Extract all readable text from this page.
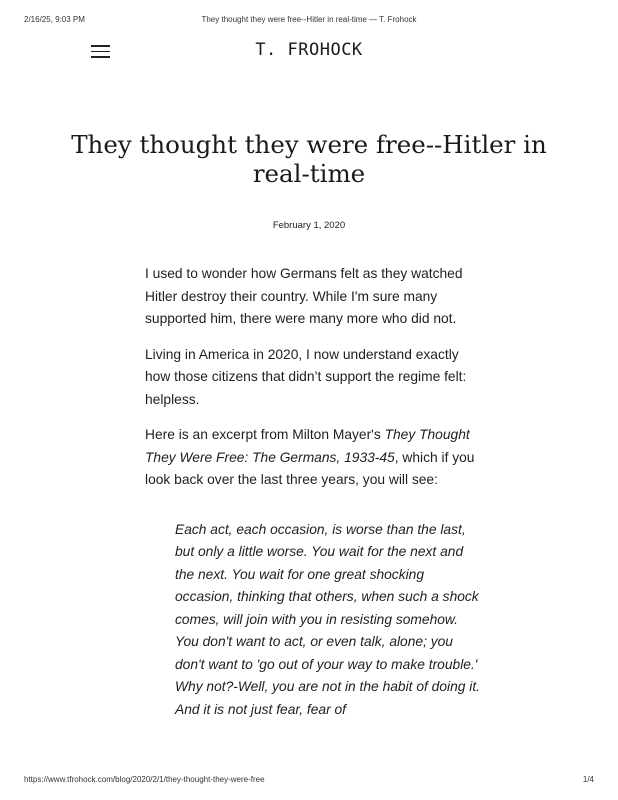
2/16/25, 9:03 PM	They thought they were free--Hitler in real-time — T. Frohock
T. FROHOCK
They thought they were free--Hitler in real-time
February 1, 2020

I used to wonder how Germans felt as they watched Hitler destroy their country. While I'm sure many supported him, there were many more who did not.

Living in America in 2020, I now understand exactly how those citizens that didn’t support the regime felt: helpless.

Here is an excerpt from Milton Mayer's They Thought They Were Free: The Germans, 1933-45, which if you look back over the last three years, you will see:

Each act, each occasion, is worse than the last, but only a little worse. You wait for the next and the next. You wait for one great shocking occasion, thinking that others, when such a shock comes, will join with you in resisting somehow. You don't want to act, or even talk, alone; you don't want to 'go out of your way to make trouble.' Why not?-Well, you are not in the habit of doing it. And it is not just fear, fear of
https://www.tfrohock.com/blog/2020/2/1/they-thought-they-were-free	1/4
